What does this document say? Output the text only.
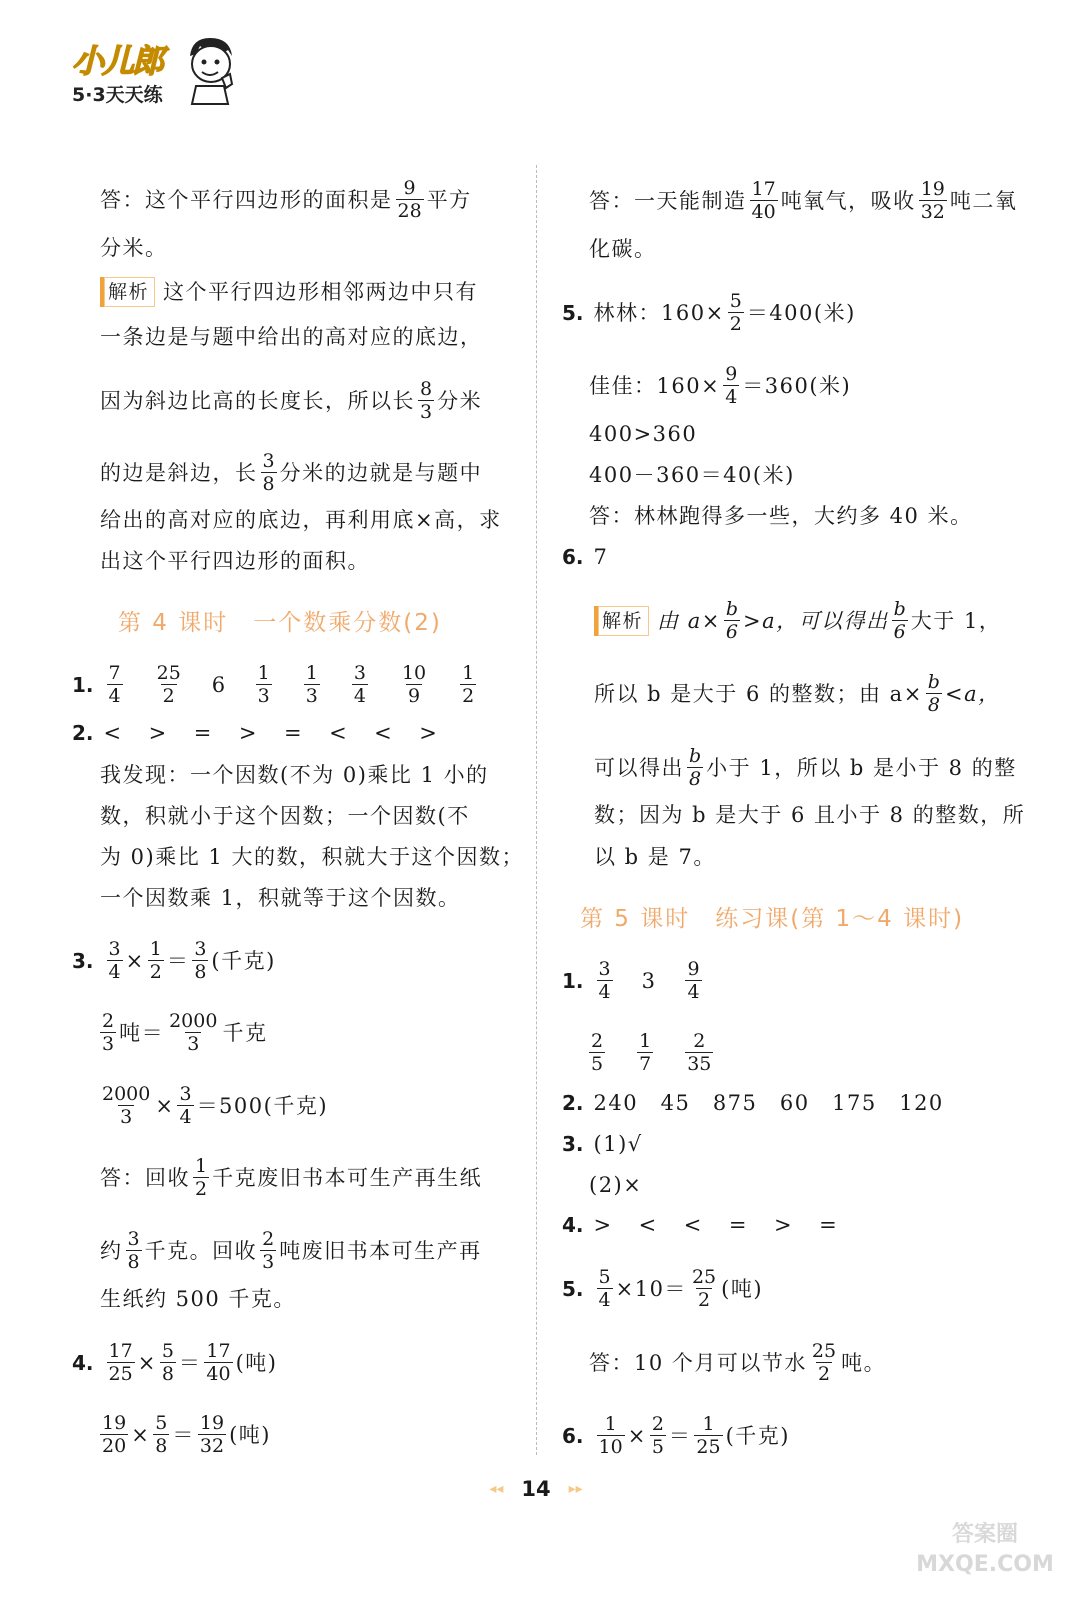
小儿郎
5·3天天练
答：这个平行四边形的面积是 $\frac{9}{28}$ 平方
分米。
解析 这个平行四边形相邻两边中只有
一条边是与题中给出的高对应的底边，
因为斜边比高的长度长，所以长 $\frac{8}{3}$ 分米
的边是斜边，长 $\frac{3}{8}$ 分米的边就是与题中
给出的高对应的底边，再利用底×高，求
出这个平行四边形的面积。
第 4 课时　一个数乘分数(2)
1. $\frac{7}{4} \frac{25}{2} 6 \frac{1}{3} \frac{1}{3} \frac{3}{4} \frac{10}{9} \frac{1}{2}$
2. < > = > = < < >
我发现：一个因数(不为 0)乘比 1 小的
数，积就小于这个因数；一个因数(不
为 0)乘比 1 大的数，积就大于这个因数；
一个因数乘 1，积就等于这个因数。
3. $\frac{3}{4} \times \frac{1}{2} = \frac{3}{8}$ (千克)
$\frac{2}{3}$ 吨＝ $\frac{2000}{3}$ 千克
$\frac{2000}{3} \times \frac{3}{4} =500$(千克)
答：回收 $\frac{1}{2}$ 千克废旧书本可生产再生纸
约 $\frac{3}{8}$ 千克。回收 $\frac{2}{3}$ 吨废旧书本可生产再
生纸约 500 千克。
4. $\frac{17}{25} \times \frac{5}{8} = \frac{17}{40}$ (吨)
$\frac{19}{20} \times \frac{5}{8} = \frac{19}{32}$ (吨)
答：一天能制造 $\frac{17}{40}$ 吨氧气，吸收 $\frac{19}{32}$ 吨二氧
化碳。
5. 林林：$160\times \frac{5}{2} =400$(米)
佳佳：$160\times \frac{9}{4} =360$(米)
400>360
400－360＝40(米)
答：林林跑得多一些，大约多 40 米。
6. 7
解析 由 $a\times \frac{b}{6} >a$，可以得出 $\frac{b}{6}$ 大于 1，
所以 b 是大于 6 的整数；由 $a\times \frac{b}{8} <a$，
可以得出 $\frac{b}{8}$ 小于 1，所以 b 是小于 8 的整
数；因为 b 是大于 6 且小于 8 的整数，所
以 b 是 7。
第 5 课时　练习课(第 1～4 课时)
1. $\frac{3}{4} 3 \frac{9}{4}$
$\frac{2}{5} \frac{1}{7} \frac{2}{35}$
2. 240　45　875　60　175　120
3. (1)√
(2)×
4. > < < = > =
5. $\frac{5}{4} \times 10= \frac{25}{2}$ (吨)
答：10 个月可以节水 $\frac{25}{2}$ 吨。
6. $\frac{1}{10} \times \frac{2}{5} = \frac{1}{25}$ (千克)
◂◂ 14 ▸▸
答案圈 MXQE.COM
